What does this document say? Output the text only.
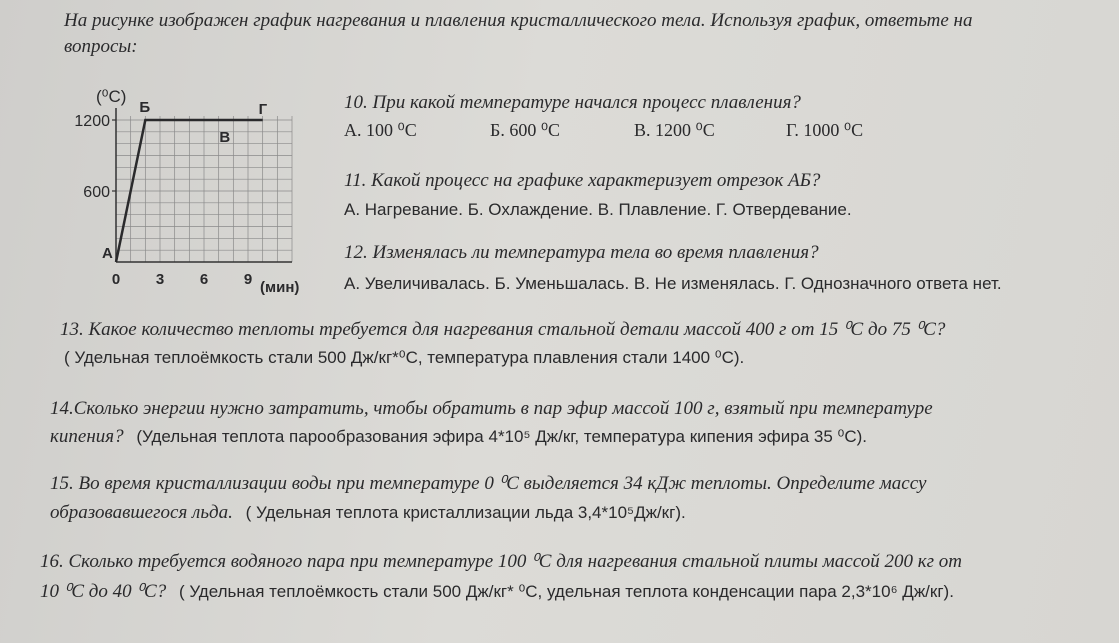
На рисунке изображен график нагревания и плавления кристаллического тела. Используя график, ответьте на
вопросы:
(⁰C)
(мин)
1200
600
0 3 6 9
А
Б
В
Г	10. При какой температуре начался процесс плавления?
А. 100 ⁰С	Б. 600 ⁰С	В. 1200 ⁰С	Г. 1000 ⁰С
11. Какой процесс на графике характеризует отрезок АБ?
А. Нагревание. Б. Охлаждение. В. Плавление. Г. Отвердевание.
12. Изменялась ли температура тела во время плавления?
А. Увеличивалась. Б. Уменьшалась. В. Не изменялась. Г. Однозначного ответа нет.
13. Какое количество теплоты требуется для нагревания стальной детали массой 400 г от 15 ⁰С до 75 ⁰С?
( Удельная теплоёмкость стали 500 Дж/кг*⁰С, температура плавления стали 1400 ⁰С).
14.Сколько энергии нужно затратить, чтобы обратить в пар эфир массой 100 г, взятый при температуре
кипения? (Удельная теплота парообразования эфира 4*10⁵ Дж/кг, температура кипения эфира 35 ⁰С).
15. Во время кристаллизации воды при температуре 0 ⁰С выделяется 34 кДж теплоты. Определите массу
образовавшегося льда. ( Удельная теплота кристаллизации льда 3,4*10⁵Дж/кг).
16. Сколько требуется водяного пара при температуре 100 ⁰С для нагревания стальной плиты массой 200 кг от
10 ⁰С до 40 ⁰С? ( Удельная теплоёмкость стали 500 Дж/кг* ⁰С, удельная теплота конденсации пара 2,3*10⁶ Дж/кг).
